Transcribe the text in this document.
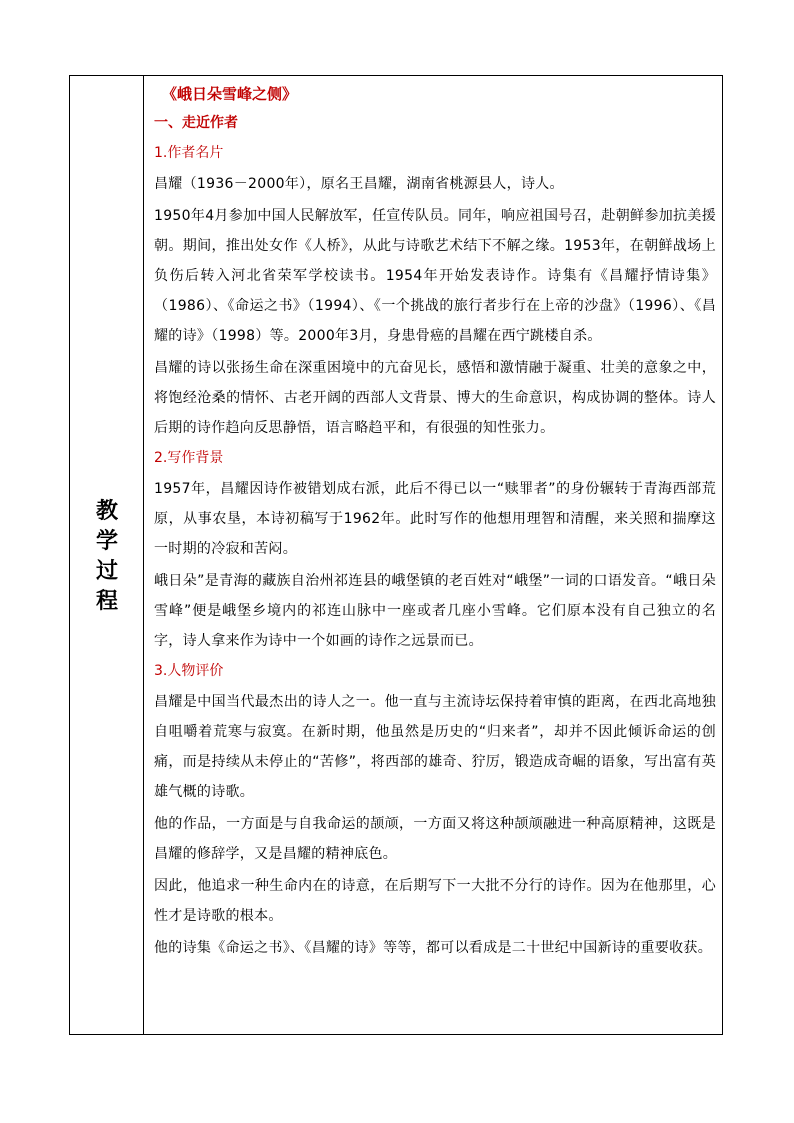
教
学
过
程
《峨日朵雪峰之侧》
一、走近作者
1.作者名片
昌耀（1936－2000年），原名王昌耀，湖南省桃源县人，诗人。
1950年4月参加中国人民解放军，任宣传队员。同年，响应祖国号召，赴朝鲜参加抗美援朝。期间，推出处女作《人桥》，从此与诗歌艺术结下不解之缘。1953年，在朝鲜战场上负伤后转入河北省荣军学校读书。1954年开始发表诗作。诗集有《昌耀抒情诗集》（1986）、《命运之书》（1994）、《一个挑战的旅行者步行在上帝的沙盘》（1996）、《昌耀的诗》（1998）等。2000年3月，身患骨癌的昌耀在西宁跳楼自杀。
昌耀的诗以张扬生命在深重困境中的亢奋见长，感悟和激情融于凝重、壮美的意象之中，将饱经沧桑的情怀、古老开阔的西部人文背景、博大的生命意识，构成协调的整体。诗人后期的诗作趋向反思静悟，语言略趋平和，有很强的知性张力。
2.写作背景
1957年，昌耀因诗作被错划成右派，此后不得已以一“赎罪者”的身份辗转于青海西部荒原，从事农垦，本诗初稿写于1962年。此时写作的他想用理智和清醒，来关照和揣摩这一时期的冷寂和苦闷。
峨日朵”是青海的藏族自治州祁连县的峨堡镇的老百姓对“峨堡”一词的口语发音。“峨日朵雪峰”便是峨堡乡境内的祁连山脉中一座或者几座小雪峰。它们原本没有自己独立的名字，诗人拿来作为诗中一个如画的诗作之远景而已。
3.人物评价
昌耀是中国当代最杰出的诗人之一。他一直与主流诗坛保持着审慎的距离，在西北高地独自咀嚼着荒寒与寂寞。在新时期，他虽然是历史的“归来者”，却并不因此倾诉命运的创痛，而是持续从未停止的“苦修”，将西部的雄奇、狞厉，锻造成奇崛的语象，写出富有英雄气概的诗歌。
他的作品，一方面是与自我命运的颉颃，一方面又将这种颉颃融进一种高原精神，这既是昌耀的修辞学，又是昌耀的精神底色。
因此，他追求一种生命内在的诗意，在后期写下一大批不分行的诗作。因为在他那里，心性才是诗歌的根本。
他的诗集《命运之书》、《昌耀的诗》等等，都可以看成是二十世纪中国新诗的重要收获。
